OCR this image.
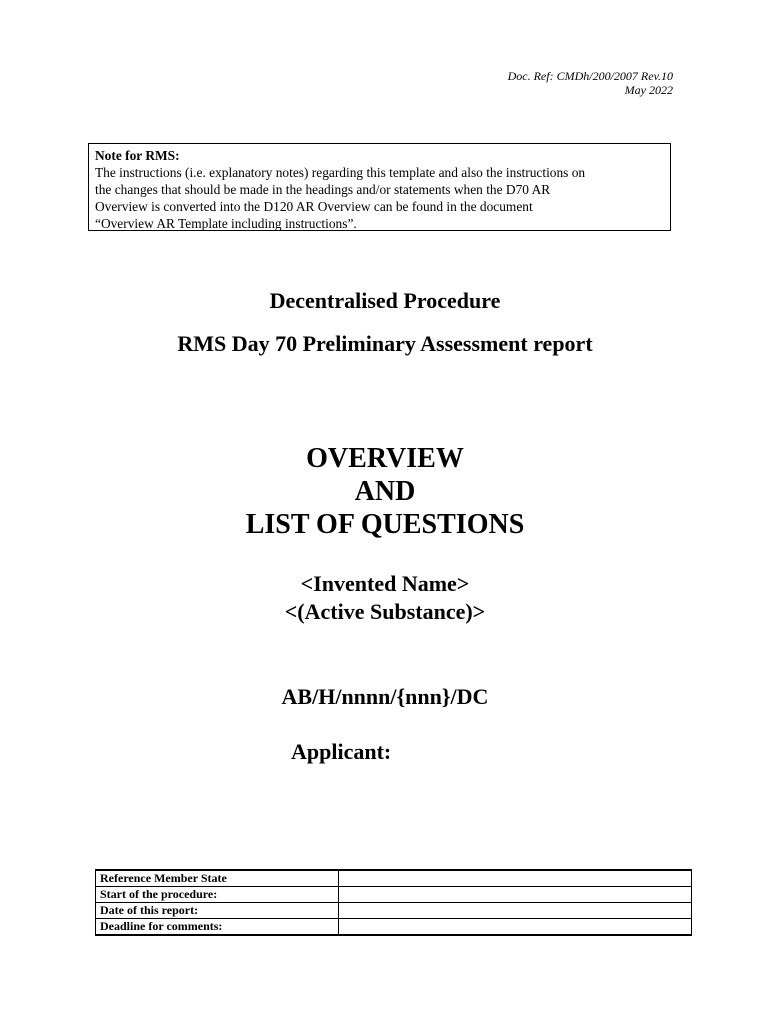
Doc. Ref: CMDh/200/2007 Rev.10
May 2022
Note for RMS:
The instructions (i.e. explanatory notes) regarding this template and also the instructions on
the changes that should be made in the headings and/or statements when the D70 AR
Overview is converted into the D120 AR Overview can be found in the document
“Overview AR Template including instructions”.
Decentralised Procedure
RMS Day 70 Preliminary Assessment report
OVERVIEW
AND
LIST OF QUESTIONS
<Invented Name>
<(Active Substance)>
AB/H/nnnn/{nnn}/DC
Applicant:
Reference Member State	
Start of the procedure:	
Date of this report:	
Deadline for comments:	
